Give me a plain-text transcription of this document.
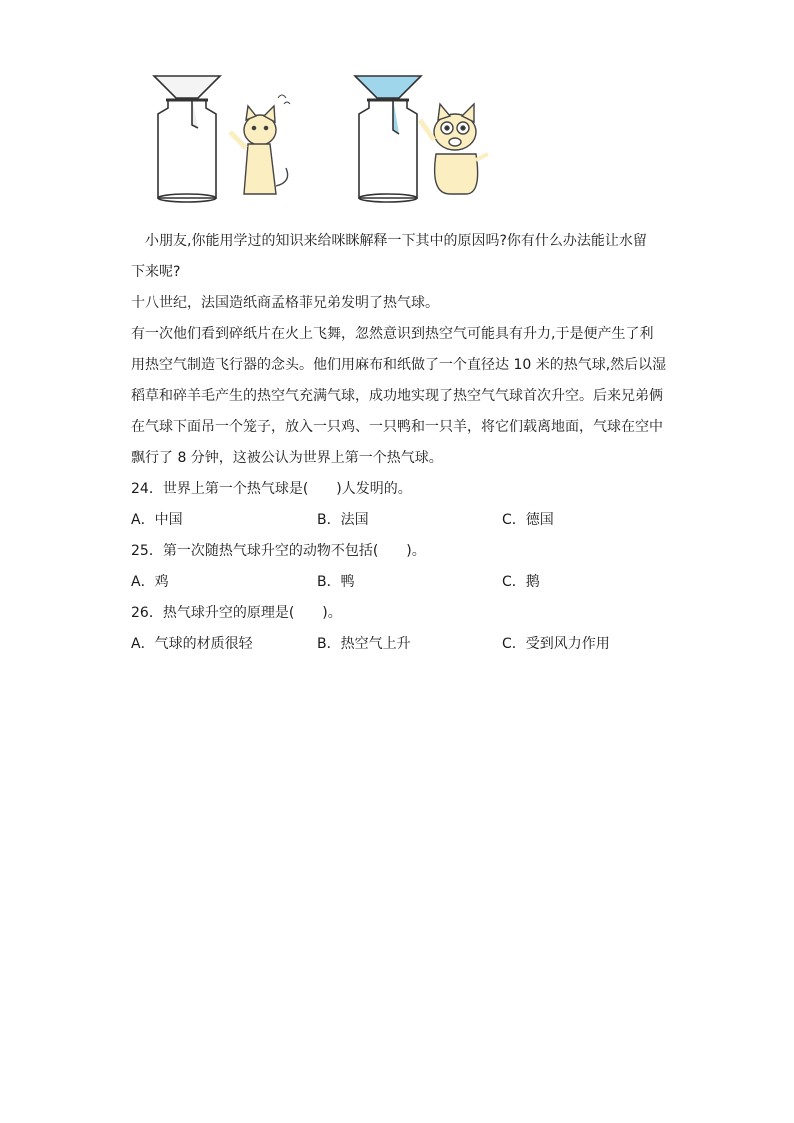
小朋友,你能用学过的知识来给咪眯解释一下其中的原因吗?你有什么办法能让水留

下来呢?

十八世纪，法国造纸商孟格菲兄弟发明了热气球。

有一次他们看到碎纸片在火上飞舞，忽然意识到热空气可能具有升力,于是便产生了利

用热空气制造飞行器的念头。他们用麻布和纸做了一个直径达 10 米的热气球,然后以湿

稻草和碎羊毛产生的热空气充满气球，成功地实现了热空气气球首次升空。后来兄弟俩

在气球下面吊一个笼子，放入一只鸡、一只鸭和一只羊，将它们载离地面，气球在空中

飘行了 8 分钟，这被公认为世界上第一个热气球。

24．世界上第一个热气球是(　　)人发明的。

A．中国	B．法国	C．德国

25．第一次随热气球升空的动物不包括(　　)。

A．鸡	B．鸭	C．鹅

26．热气球升空的原理是(　　)。

A．气球的材质很轻	B．热空气上升	C．受到风力作用
